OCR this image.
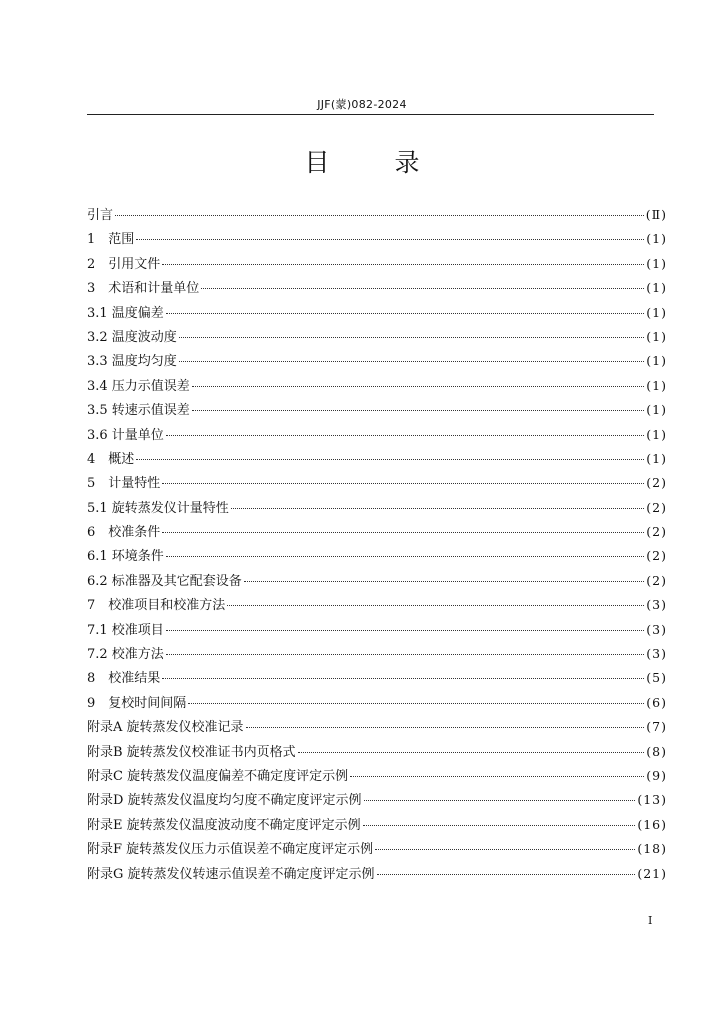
JJF(蒙)082-2024
目　录
引言	(Ⅱ)
1　范围	(1)
2　引用文件	(1)
3　术语和计量单位	(1)
3.1 温度偏差	(1)
3.2 温度波动度	(1)
3.3 温度均匀度	(1)
3.4 压力示值误差	(1)
3.5 转速示值误差	(1)
3.6 计量单位	(1)
4　概述	(1)
5　计量特性	(2)
5.1 旋转蒸发仪计量特性	(2)
6　校准条件	(2)
6.1 环境条件	(2)
6.2 标准器及其它配套设备	(2)
7　校准项目和校准方法	(3)
7.1 校准项目	(3)
7.2 校准方法	(3)
8　校准结果	(5)
9　复校时间间隔	(6)
附录A 旋转蒸发仪校准记录	(7)
附录B 旋转蒸发仪校准证书内页格式	(8)
附录C 旋转蒸发仪温度偏差不确定度评定示例	(9)
附录D 旋转蒸发仪温度均匀度不确定度评定示例	(13)
附录E 旋转蒸发仪温度波动度不确定度评定示例	(16)
附录F 旋转蒸发仪压力示值误差不确定度评定示例	(18)
附录G 旋转蒸发仪转速示值误差不确定度评定示例	(21)
I
